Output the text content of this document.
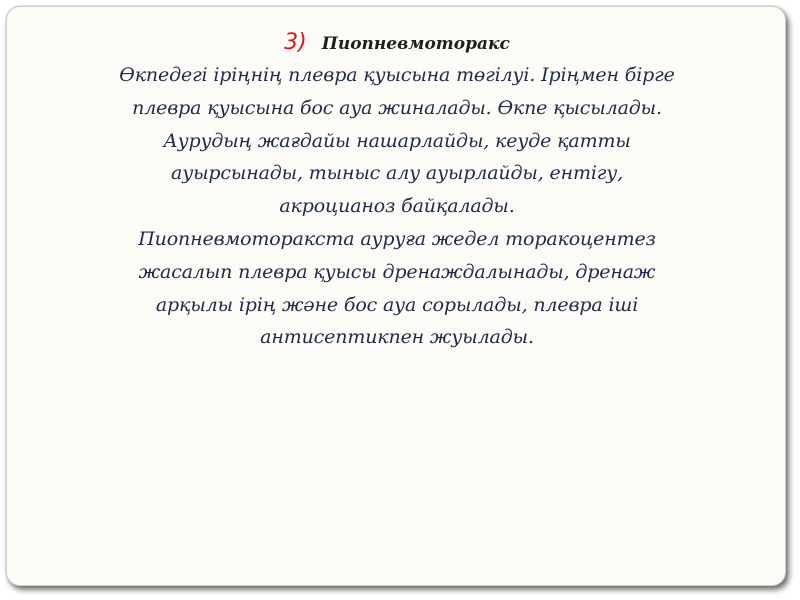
3) Пиопневмоторакс

Өкпедегі іріңнің плевра қуысына төгілуі. Іріңмен бірге

плевра қуысына бос ауа жиналады. Өкпе қысылады.

Аурудың жағдайы нашарлайды, кеуде қатты

ауырсынады, тыныс алу ауырлайды, ентігу,

акроцианоз байқалады.

Пиопневмоторакста ауруға жедел торакоцентез

жасалып плевра қуысы дренаждалынады, дренаж

арқылы ірің және бос ауа сорылады, плевра іші

антисептикпен жуылады.
